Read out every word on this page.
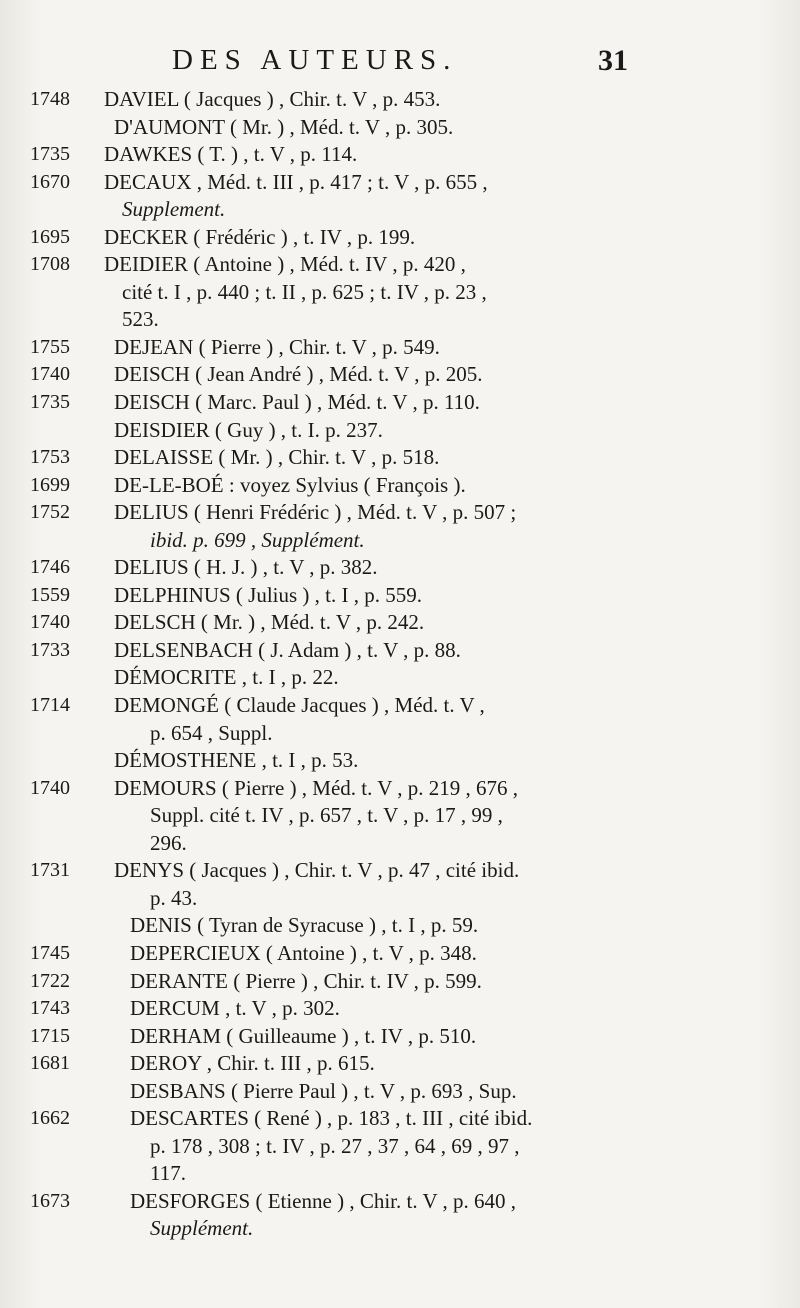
DES AUTEURS.	31
1748	DAVIEL ( Jacques ) , Chir. t. V , p. 453.
D'AUMONT ( Mr. ) , Méd. t. V , p. 305.
1735	DAWKES ( T. ) , t. V , p. 114.
1670	DECAUX , Méd. t. III , p. 417 ; t. V , p. 655 ,
Supplement.
1695	DECKER ( Frédéric ) , t. IV , p. 199.
1708	DEIDIER ( Antoine ) , Méd. t. IV , p. 420 ,
cité t. I , p. 440 ; t. II , p. 625 ; t. IV , p. 23 ,
523.
1755	DEJEAN ( Pierre ) , Chir. t. V , p. 549.
1740	DEISCH ( Jean André ) , Méd. t. V , p. 205.
1735	DEISCH ( Marc. Paul ) , Méd. t. V , p. 110.
DEISDIER ( Guy ) , t. I. p. 237.
1753	DELAISSE ( Mr. ) , Chir. t. V , p. 518.
1699	DE-LE-BOÉ : voyez Sylvius ( François ).
1752	DELIUS ( Henri Frédéric ) , Méd. t. V , p. 507 ;
ibid. p. 699 , Supplément.
1746	DELIUS ( H. J. ) , t. V , p. 382.
1559	DELPHINUS ( Julius ) , t. I , p. 559.
1740	DELSCH ( Mr. ) , Méd. t. V , p. 242.
1733	DELSENBACH ( J. Adam ) , t. V , p. 88.
DÉMOCRITE , t. I , p. 22.
1714	DEMONGÉ ( Claude Jacques ) , Méd. t. V ,
p. 654 , Suppl.
DÉMOSTHENE , t. I , p. 53.
1740	DEMOURS ( Pierre ) , Méd. t. V , p. 219 , 676 ,
Suppl. cité t. IV , p. 657 , t. V , p. 17 , 99 ,
296.
1731	DENYS ( Jacques ) , Chir. t. V , p. 47 , cité ibid.
p. 43.
DENIS ( Tyran de Syracuse ) , t. I , p. 59.
1745	DEPERCIEUX ( Antoine ) , t. V , p. 348.
1722	DERANTE ( Pierre ) , Chir. t. IV , p. 599.
1743	DERCUM , t. V , p. 302.
1715	DERHAM ( Guilleaume ) , t. IV , p. 510.
1681	DEROY , Chir. t. III , p. 615.
DESBANS ( Pierre Paul ) , t. V , p. 693 , Sup.
1662	DESCARTES ( René ) , p. 183 , t. III , cité ibid.
p. 178 , 308 ; t. IV , p. 27 , 37 , 64 , 69 , 97 ,
117.
1673	DESFORGES ( Etienne ) , Chir. t. V , p. 640 ,
Supplément.
